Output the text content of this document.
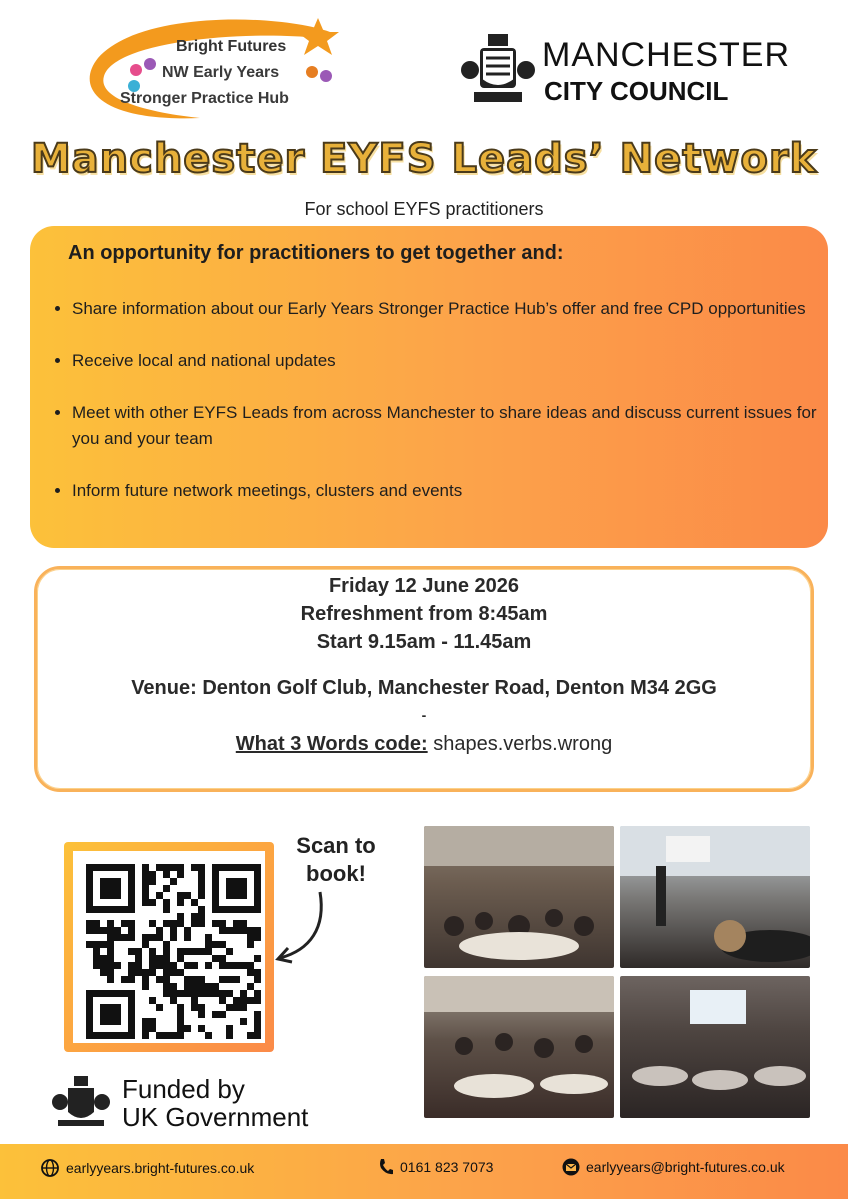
Bright Futures
NW Early Years
Stronger Practice Hub
MANCHESTER
CITY COUNCIL
Manchester EYFS Leads’ Network
For school EYFS practitioners
An opportunity for practitioners to get together and:
• Share information about our Early Years Stronger Practice Hub’s offer and free CPD opportunities
• Receive local and national updates
• Meet with other EYFS Leads from across Manchester to share ideas and discuss current issues for you and your team
• Inform future network meetings, clusters and events
Friday 12 June 2026
Refreshment from 8:45am
Start 9.15am - 11.45am
Venue: Denton Golf Club, Manchester Road, Denton M34 2GG
-
What 3 Words code: shapes.verbs.wrong
Scan to
book!
Funded by
UK Government
earlyyears.bright-futures.co.uk	0161 823 7073	earlyyears@bright-futures.co.uk
